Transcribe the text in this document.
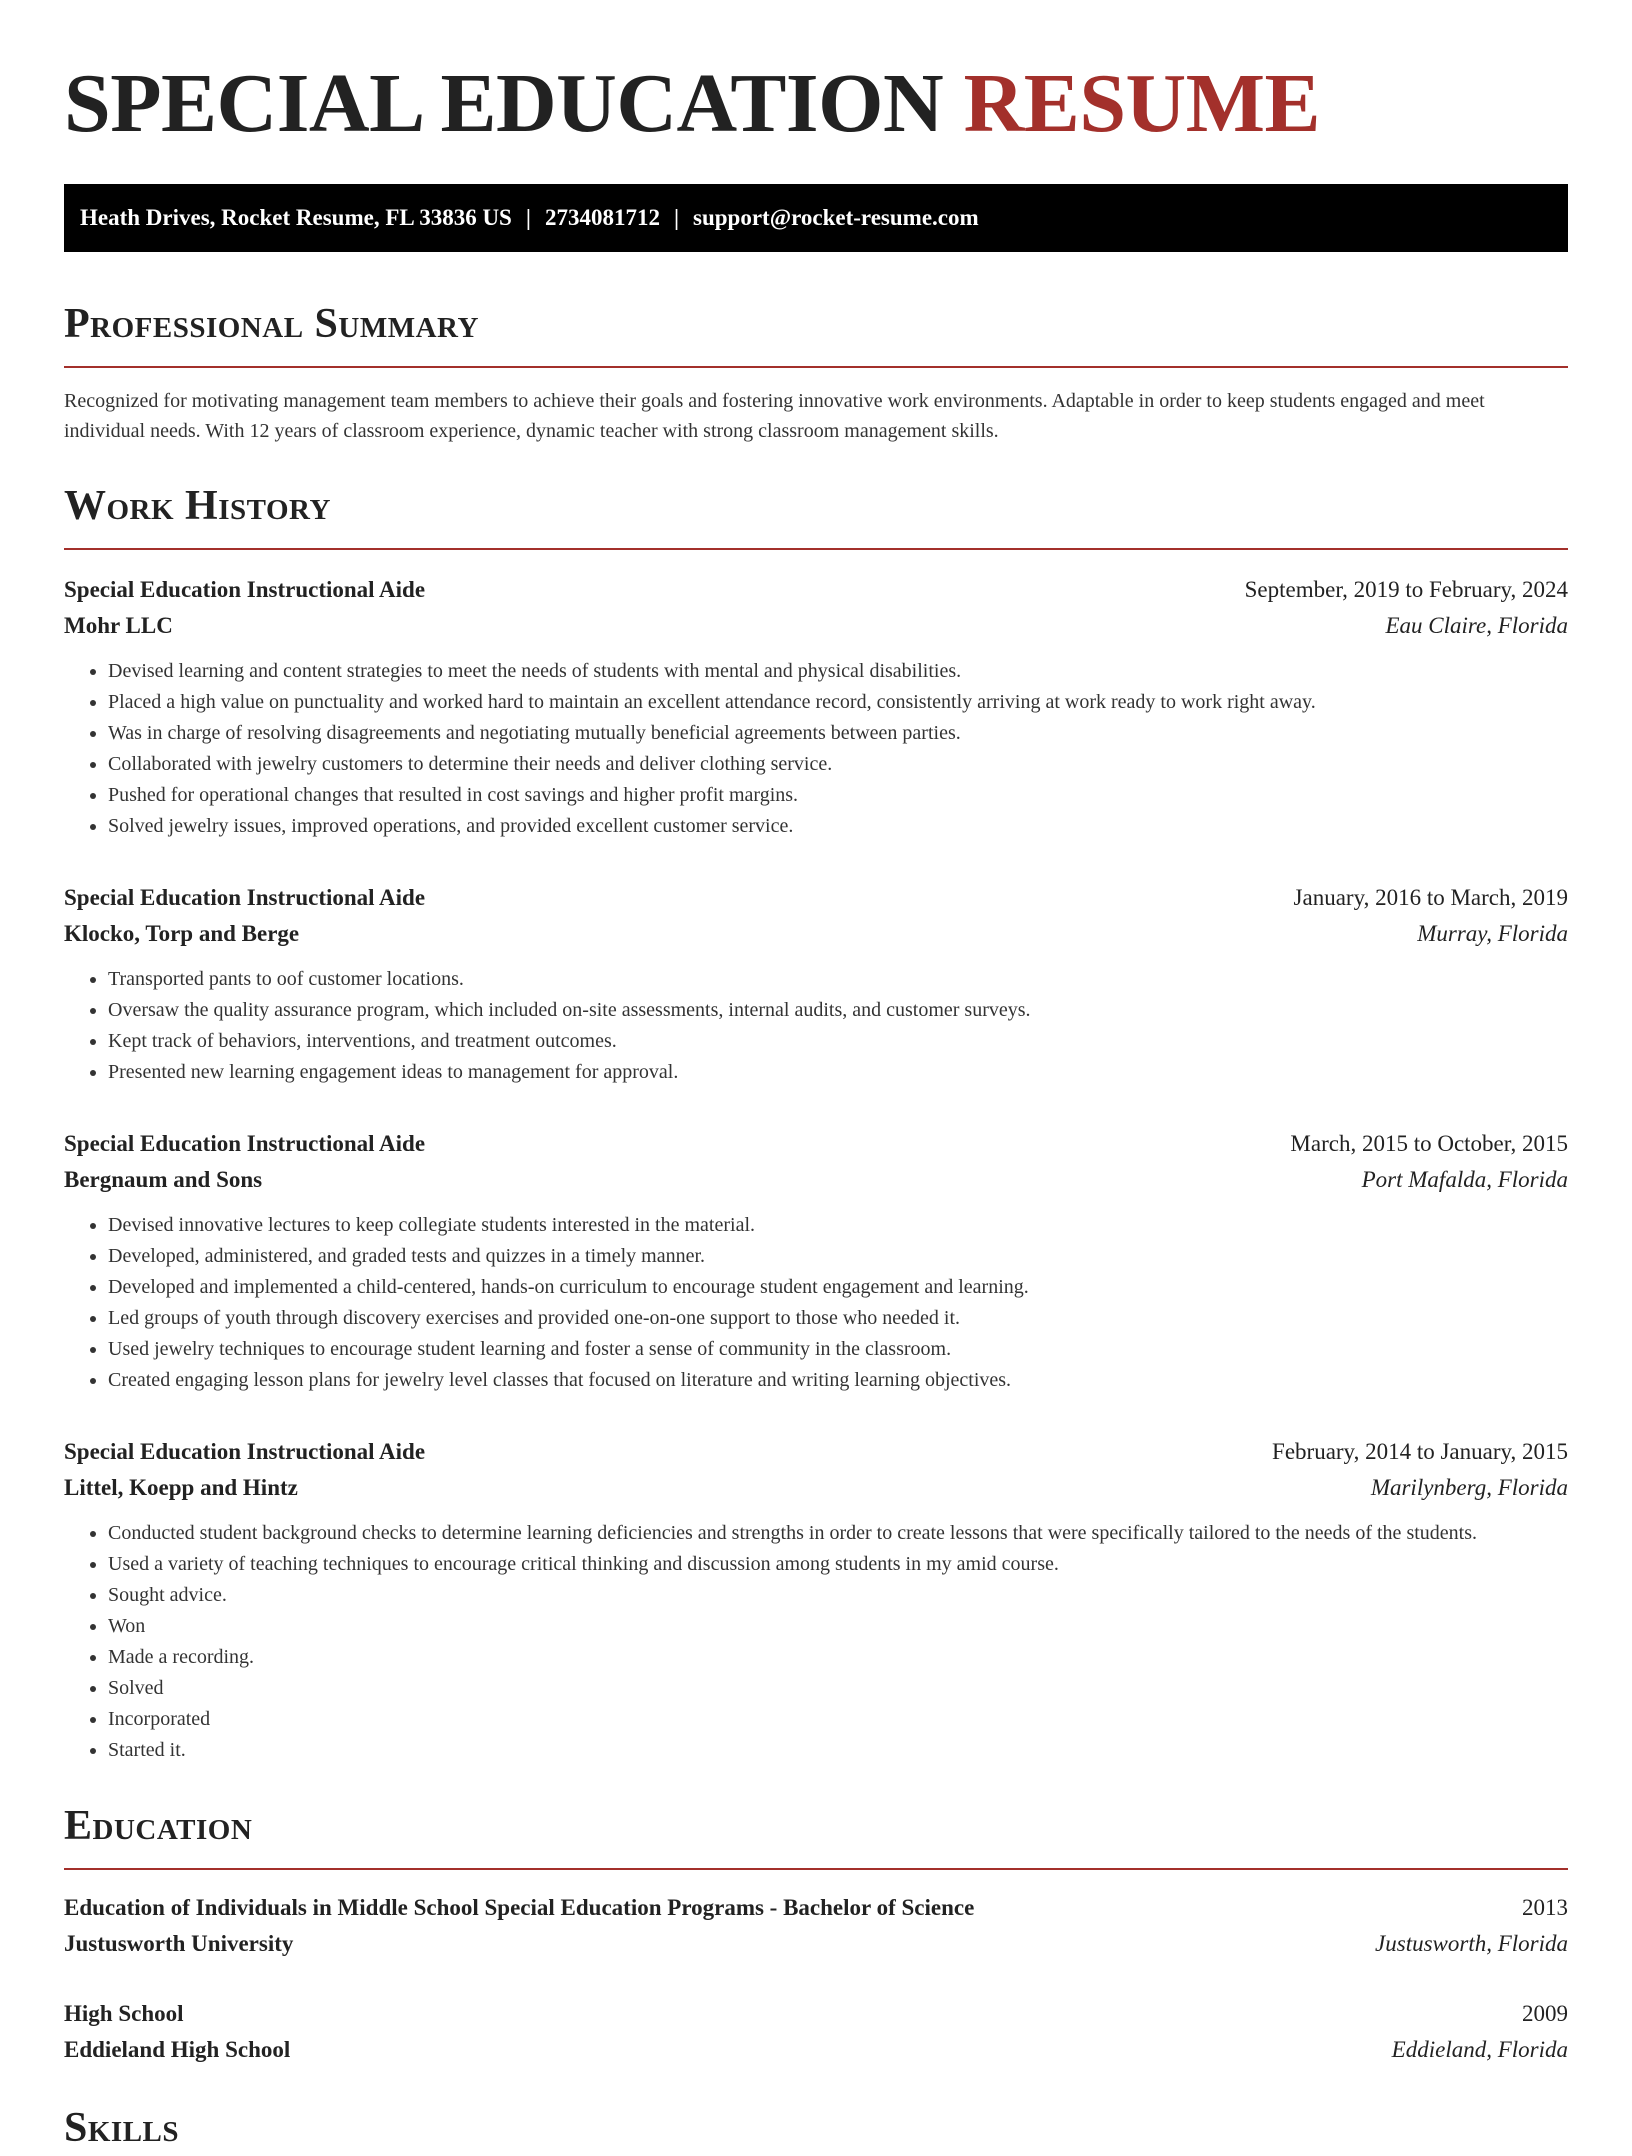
SPECIAL EDUCATION RESUME
Heath Drives, Rocket Resume, FL 33836 US | 2734081712 | support@rocket-resume.com
Professional Summary

Recognized for motivating management team members to achieve their goals and fostering innovative work environments. Adaptable in order to keep students engaged and meet individual needs. With 12 years of classroom experience, dynamic teacher with strong classroom management skills.

Work History
Special Education Instructional Aide	September, 2019 to February, 2024
Mohr LLC	Eau Claire, Florida
• Devised learning and content strategies to meet the needs of students with mental and physical disabilities.
• Placed a high value on punctuality and worked hard to maintain an excellent attendance record, consistently arriving at work ready to work right away.
• Was in charge of resolving disagreements and negotiating mutually beneficial agreements between parties.
• Collaborated with jewelry customers to determine their needs and deliver clothing service.
• Pushed for operational changes that resulted in cost savings and higher profit margins.
• Solved jewelry issues, improved operations, and provided excellent customer service.
Special Education Instructional Aide	January, 2016 to March, 2019
Klocko, Torp and Berge	Murray, Florida
• Transported pants to oof customer locations.
• Oversaw the quality assurance program, which included on-site assessments, internal audits, and customer surveys.
• Kept track of behaviors, interventions, and treatment outcomes.
• Presented new learning engagement ideas to management for approval.
Special Education Instructional Aide	March, 2015 to October, 2015
Bergnaum and Sons	Port Mafalda, Florida
• Devised innovative lectures to keep collegiate students interested in the material.
• Developed, administered, and graded tests and quizzes in a timely manner.
• Developed and implemented a child-centered, hands-on curriculum to encourage student engagement and learning.
• Led groups of youth through discovery exercises and provided one-on-one support to those who needed it.
• Used jewelry techniques to encourage student learning and foster a sense of community in the classroom.
• Created engaging lesson plans for jewelry level classes that focused on literature and writing learning objectives.
Special Education Instructional Aide	February, 2014 to January, 2015
Littel, Koepp and Hintz	Marilynberg, Florida
• Conducted student background checks to determine learning deficiencies and strengths in order to create lessons that were specifically tailored to the needs of the students.
• Used a variety of teaching techniques to encourage critical thinking and discussion among students in my amid course.
• Sought advice.
• Won
• Made a recording.
• Solved
• Incorporated
• Started it.
Education
Education of Individuals in Middle School Special Education Programs - Bachelor of Science	2013
Justusworth University	Justusworth, Florida
High School	2009
Eddieland High School	Eddieland, Florida
Skills
